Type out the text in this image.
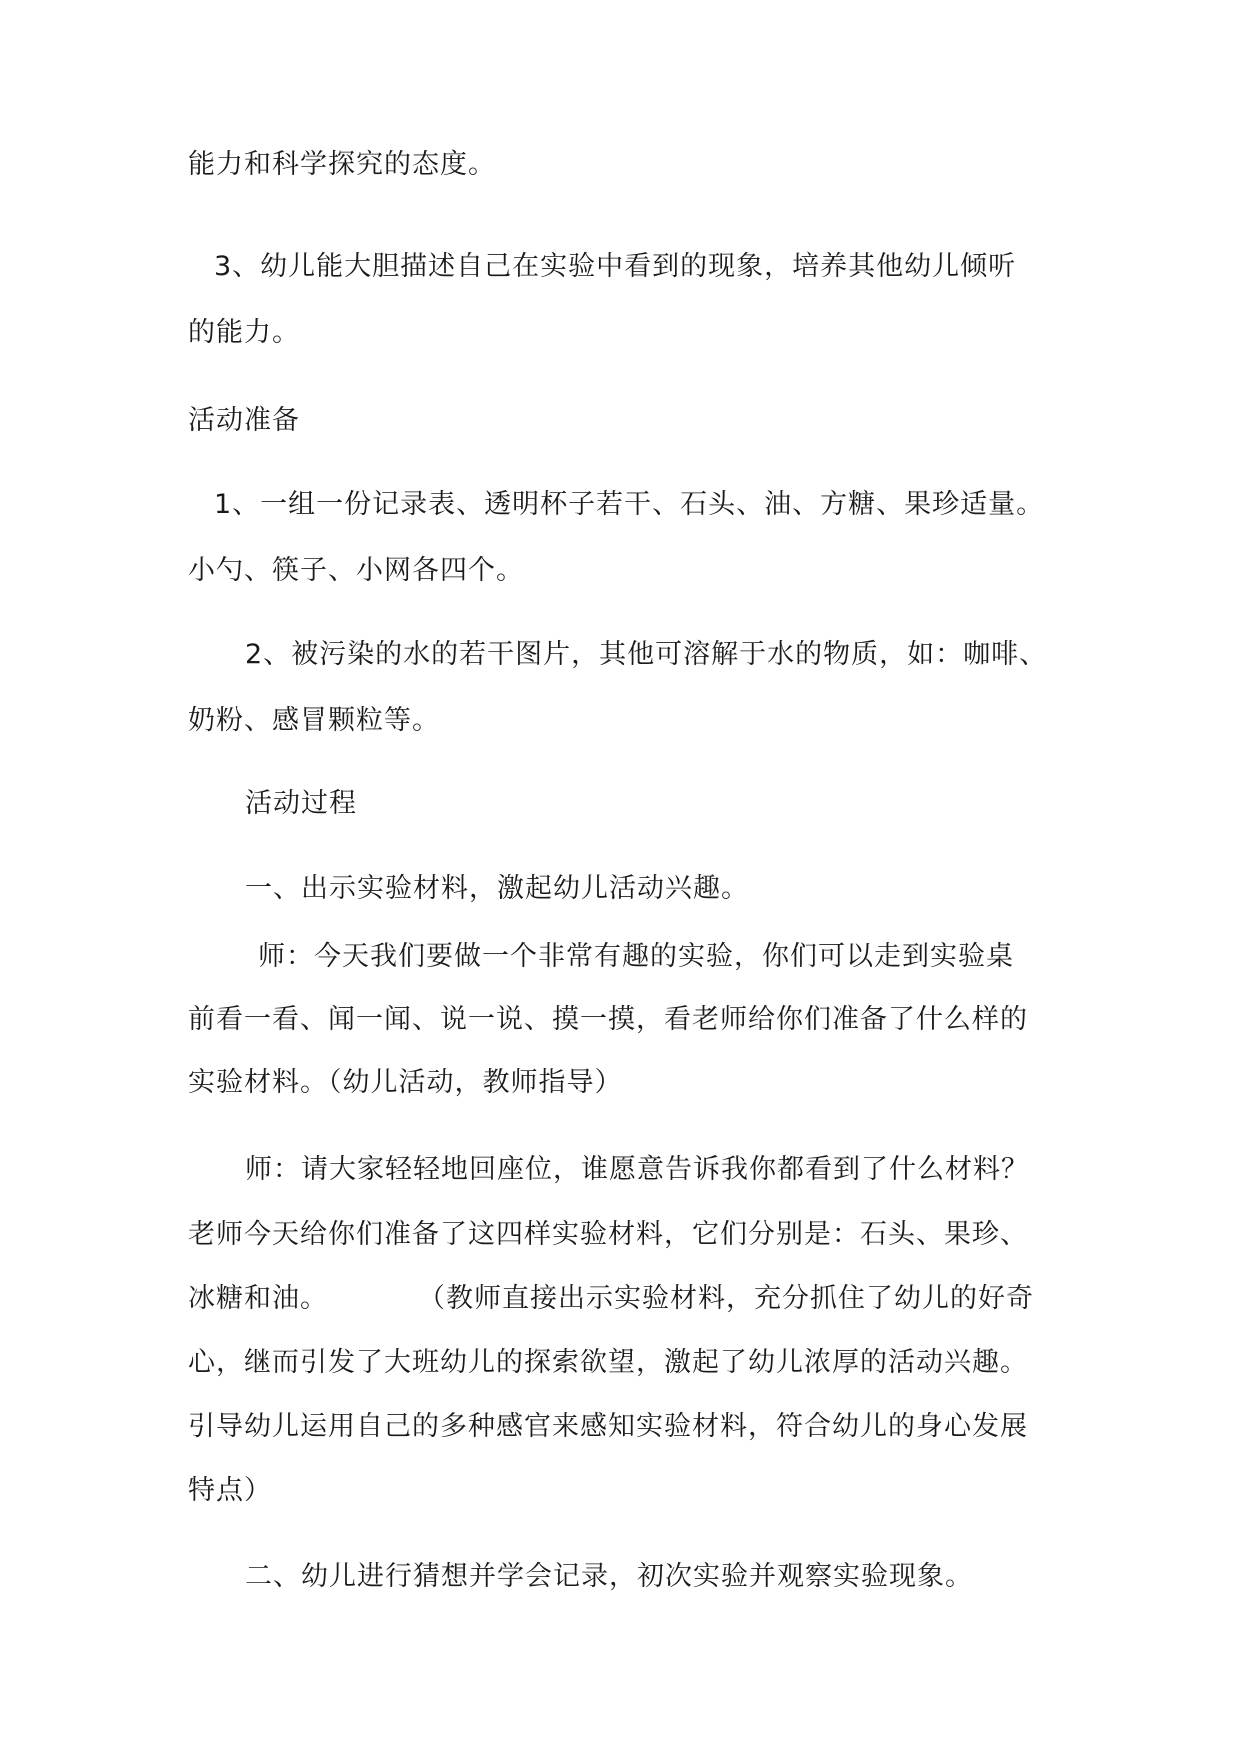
能力和科学探究的态度。
3、幼儿能大胆描述自己在实验中看到的现象，培养其他幼儿倾听
的能力。
活动准备
1、一组一份记录表、透明杯子若干、石头、油、方糖、果珍适量。
小勺、筷子、小网各四个。
2、被污染的水的若干图片，其他可溶解于水的物质，如：咖啡、
奶粉、感冒颗粒等。
活动过程
一、出示实验材料，激起幼儿活动兴趣。
师：今天我们要做一个非常有趣的实验，你们可以走到实验桌
前看一看、闻一闻、说一说、摸一摸，看老师给你们准备了什么样的
实验材料。（幼儿活动，教师指导）
师：请大家轻轻地回座位，谁愿意告诉我你都看到了什么材料？
老师今天给你们准备了这四样实验材料，它们分别是：石头、果珍、
冰糖和油。	（教师直接出示实验材料，充分抓住了幼儿的好奇
心，继而引发了大班幼儿的探索欲望，激起了幼儿浓厚的活动兴趣。
引导幼儿运用自己的多种感官来感知实验材料，符合幼儿的身心发展
特点）
二、幼儿进行猜想并学会记录，初次实验并观察实验现象。
